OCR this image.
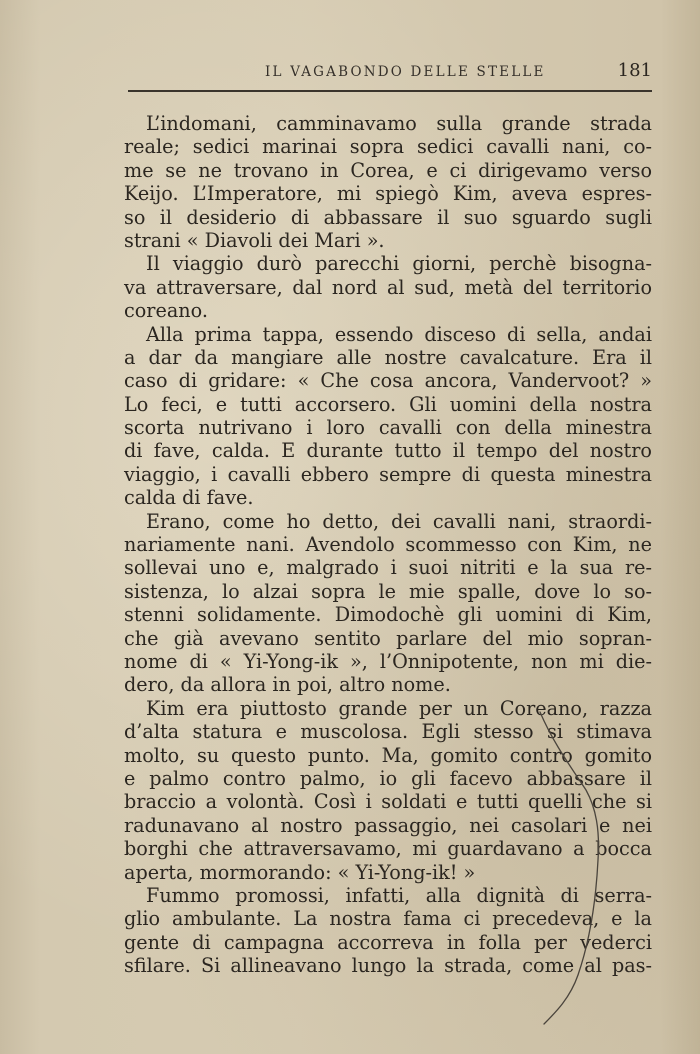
IL VAGABONDO DELLE STELLE	181
L’indomani, camminavamo sulla grande strada
reale; sedici marinai sopra sedici cavalli nani, co-
me se ne trovano in Corea, e ci dirigevamo verso
Keijo. L’Imperatore, mi spiegò Kim, aveva espres-
so il desiderio di abbassare il suo sguardo sugli
strani « Diavoli dei Mari ».
Il viaggio durò parecchi giorni, perchè bisogna-
va attraversare, dal nord al sud, metà del territorio
coreano.
Alla prima tappa, essendo disceso di sella, andai
a dar da mangiare alle nostre cavalcature. Era il
caso di gridare: « Che cosa ancora, Vandervoot? »
Lo feci, e tutti accorsero. Gli uomini della nostra
scorta nutrivano i loro cavalli con della minestra
di fave, calda. E durante tutto il tempo del nostro
viaggio, i cavalli ebbero sempre di questa minestra
calda di fave.
Erano, come ho detto, dei cavalli nani, straordi-
nariamente nani. Avendolo scommesso con Kim, ne
sollevai uno e, malgrado i suoi nitriti e la sua re-
sistenza, lo alzai sopra le mie spalle, dove lo so-
stenni solidamente. Dimodochè gli uomini di Kim,
che già avevano sentito parlare del mio sopran-
nome di « Yi-Yong-ik », l’Onnipotente, non mi die-
dero, da allora in poi, altro nome.
Kim era piuttosto grande per un Coreano, razza
d’alta statura e muscolosa. Egli stesso si stimava
molto, su questo punto. Ma, gomito contro gomito
e palmo contro palmo, io gli facevo abbassare il
braccio a volontà. Così i soldati e tutti quelli che si
radunavano al nostro passaggio, nei casolari e nei
borghi che attraversavamo, mi guardavano a bocca
aperta, mormorando: « Yi-Yong-ik! »
Fummo promossi, infatti, alla dignità di serra-
glio ambulante. La nostra fama ci precedeva, e la
gente di campagna accorreva in folla per vederci
sfilare. Si allineavano lungo la strada, come al pas-
